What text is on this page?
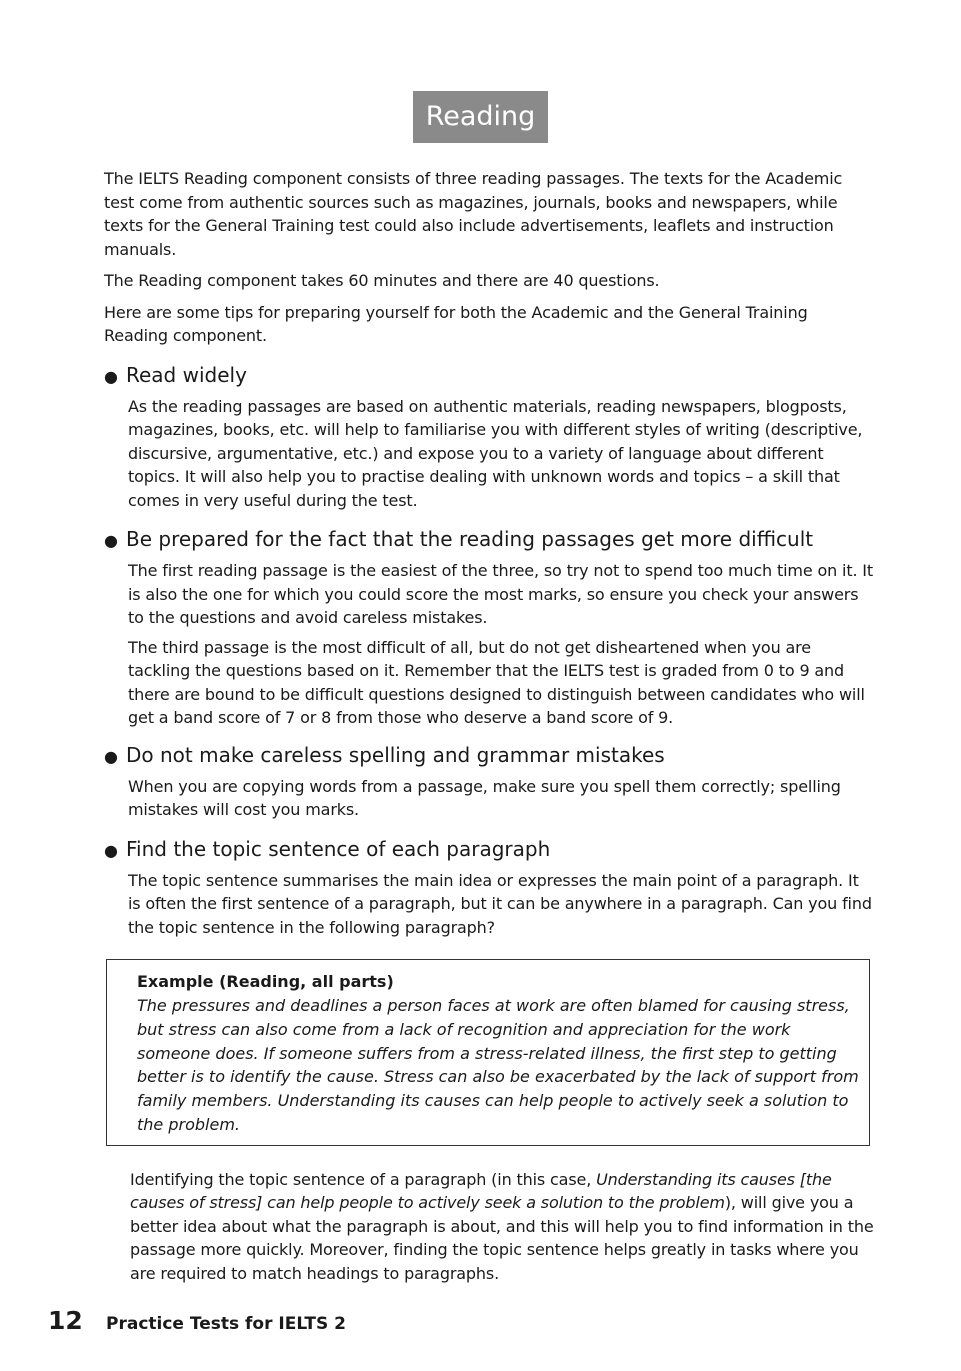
Reading

The IELTS Reading component consists of three reading passages. The texts for the Academic test come from authentic sources such as magazines, journals, books and newspapers, while texts for the General Training test could also include advertisements, leaflets and instruction manuals.

The Reading component takes 60 minutes and there are 40 questions.

Here are some tips for preparing yourself for both the Academic and the General Training Reading component.

● Read widely

As the reading passages are based on authentic materials, reading newspapers, blogposts, magazines, books, etc. will help to familiarise you with different styles of writing (descriptive, discursive, argumentative, etc.) and expose you to a variety of language about different topics. It will also help you to practise dealing with unknown words and topics – a skill that comes in very useful during the test.

● Be prepared for the fact that the reading passages get more difficult

The first reading passage is the easiest of the three, so try not to spend too much time on it. It is also the one for which you could score the most marks, so ensure you check your answers to the questions and avoid careless mistakes.

The third passage is the most difficult of all, but do not get disheartened when you are tackling the questions based on it. Remember that the IELTS test is graded from 0 to 9 and there are bound to be difficult questions designed to distinguish between candidates who will get a band score of 7 or 8 from those who deserve a band score of 9.

● Do not make careless spelling and grammar mistakes

When you are copying words from a passage, make sure you spell them correctly; spelling mistakes will cost you marks.

● Find the topic sentence of each paragraph

The topic sentence summarises the main idea or expresses the main point of a paragraph. It is often the first sentence of a paragraph, but it can be anywhere in a paragraph. Can you find the topic sentence in the following paragraph?

Example (Reading, all parts)
The pressures and deadlines a person faces at work are often blamed for causing stress, but stress can also come from a lack of recognition and appreciation for the work someone does. If someone suffers from a stress-related illness, the first step to getting better is to identify the cause. Stress can also be exacerbated by the lack of support from family members. Understanding its causes can help people to actively seek a solution to the problem.

Identifying the topic sentence of a paragraph (in this case, Understanding its causes [the causes of stress] can help people to actively seek a solution to the problem), will give you a better idea about what the paragraph is about, and this will help you to find information in the passage more quickly. Moreover, finding the topic sentence helps greatly in tasks where you are required to match headings to paragraphs.

12	Practice Tests for IELTS 2
